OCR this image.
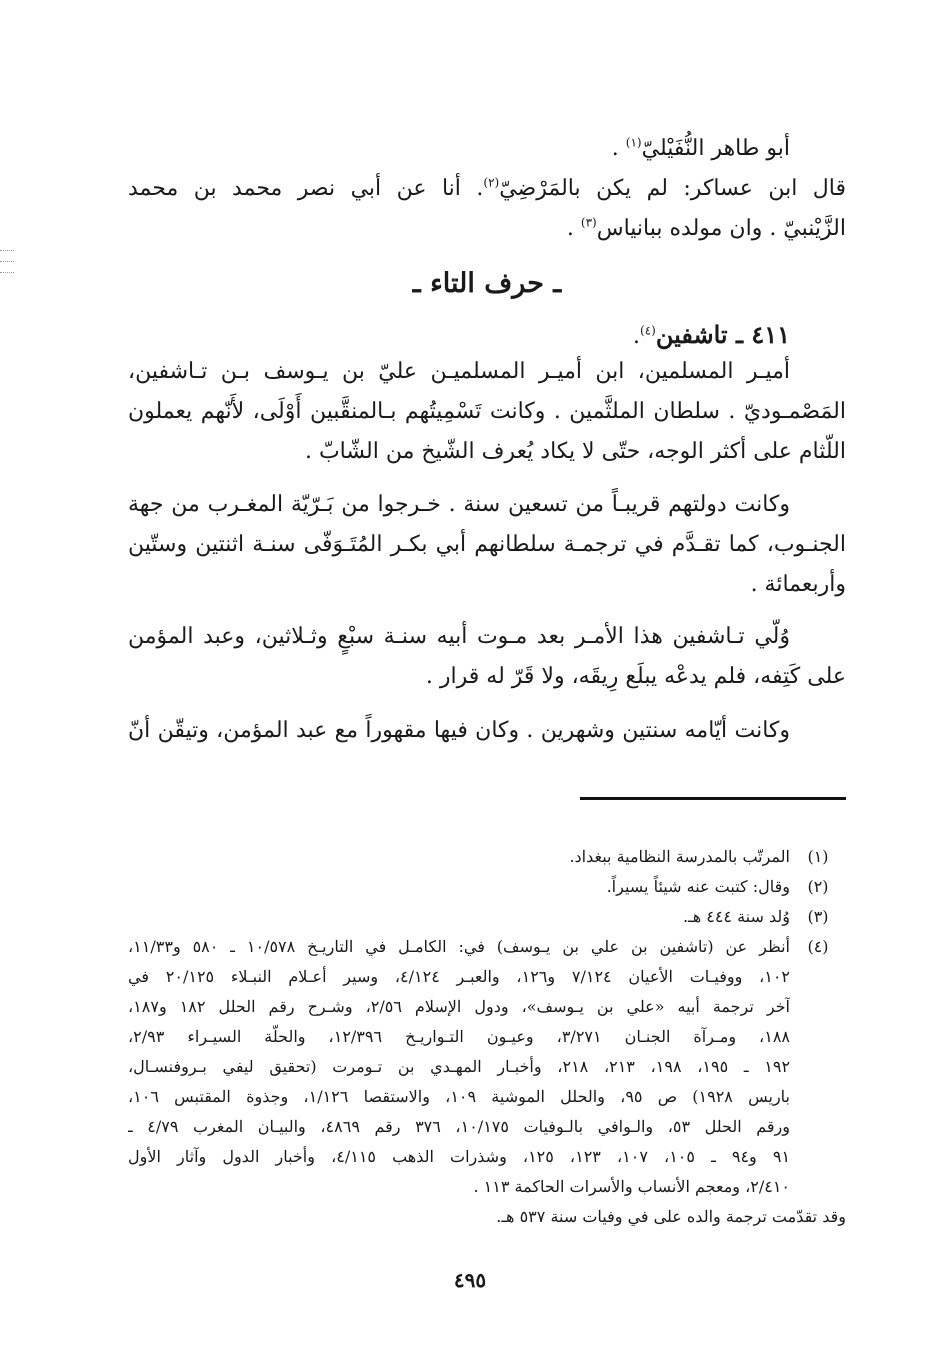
أبو طاهر النُّفَيْليّ$^{(١)}$ .
قال ابن عساكر: لم يكن بالمَرْضِيّ$^{(٢)}$. أنا عن أبي نصر محمد بن محمد
الزَّيْنبيّ . وان مولده ببانياس$^{(٣)}$ .
ـ حرف التاء ـ
٤١١ ـ تاشفين$^{(٤)}$.
أميـر المسلمين، ابن أميـر المسلميـن عليّ بن يـوسف بـن تـاشفين،
المَصْمـوديّ . سلطان الملثَّمين . وكانت تَسْمِيتُهم بـالمنقَّبين أَوْلَى، لأَنّهم يعملون
اللّثام على أكثر الوجه، حتّى لا يكاد يُعرف الشّيخ من الشّابّ .
وكانت دولتهم قريبـاً من تسعين سنة . خـرجوا من بَـرّيّة المغـرب من جهة
الجنـوب، كما تقـدَّم في ترجمـة سلطانهم أبي بكـر المُتَـوَفّى سنـة اثنتين وستّين
وأربعمائة .
وُلّي تـاشفين هذا الأمـر بعد مـوت أبيه سنـة سبْعٍ وثـلاثين، وعبد المؤمن
على كَتِفه، فلم يدعْه يبلَع رِيقَه، ولا قَرّ له قرار .
وكانت أيّامه سنتين وشهرين . وكان فيها مقهوراً مع عبد المؤمن، وتيقّن أنّ
(١)
المرتّب بالمدرسة النظامية ببغداد.
(٢)
وقال: كتبت عنه شيئاً يسيراً.
(٣)
وُلد سنة ٤٤٤ هـ.
(٤)
أنظر عن (تاشفين بن علي بن يـوسف) في: الكامـل في التاريـخ ١٠/٥٧٨ ـ ٥٨٠ و١١/٣٣،
١٠٢، ووفيـات الأعيان ٧/١٢٤ و١٢٦، والعبـر ٤/١٢٤، وسير أعـلام النبـلاء ٢٠/١٢٥ في
آخر ترجمة أبيه «علي بن يـوسف»، ودول الإسلام ٢/٥٦، وشـرح رقم الحلل ١٨٢ و١٨٧،
١٨٨، ومـرآة الجنـان ٣/٢٧١، وعيـون التـواريـخ ١٢/٣٩٦، والحلّة السيـراء ٢/٩٣،
١٩٢ ـ ١٩٥، ١٩٨، ٢١٣، ٢١٨، وأخبـار المهـدي بن تـومرت (تحقيق ليفي بـروفنسـال،
باريس ١٩٢٨) ص ٩٥، والحلل الموشية ١٠٩، والاستقصا ١/١٢٦، وجذوة المقتبس ١٠٦،
ورقم الحلل ٥٣، والـوافي بالـوفيات ١٠/١٧٥، ٣٧٦ رقم ٤٨٦٩، والبيـان المغرب ٤/٧٩ ـ
٩١ و٩٤ ـ ١٠٥، ١٠٧، ١٢٣، ١٢٥، وشذرات الذهب ٤/١١٥، وأخبار الدول وآثار الأول
٢/٤١٠، ومعجم الأنساب والأسرات الحاكمة ١١٣ .
وقد تقدّمت ترجمة والده على في وفيات سنة ٥٣٧ هـ.
٤٩٥
